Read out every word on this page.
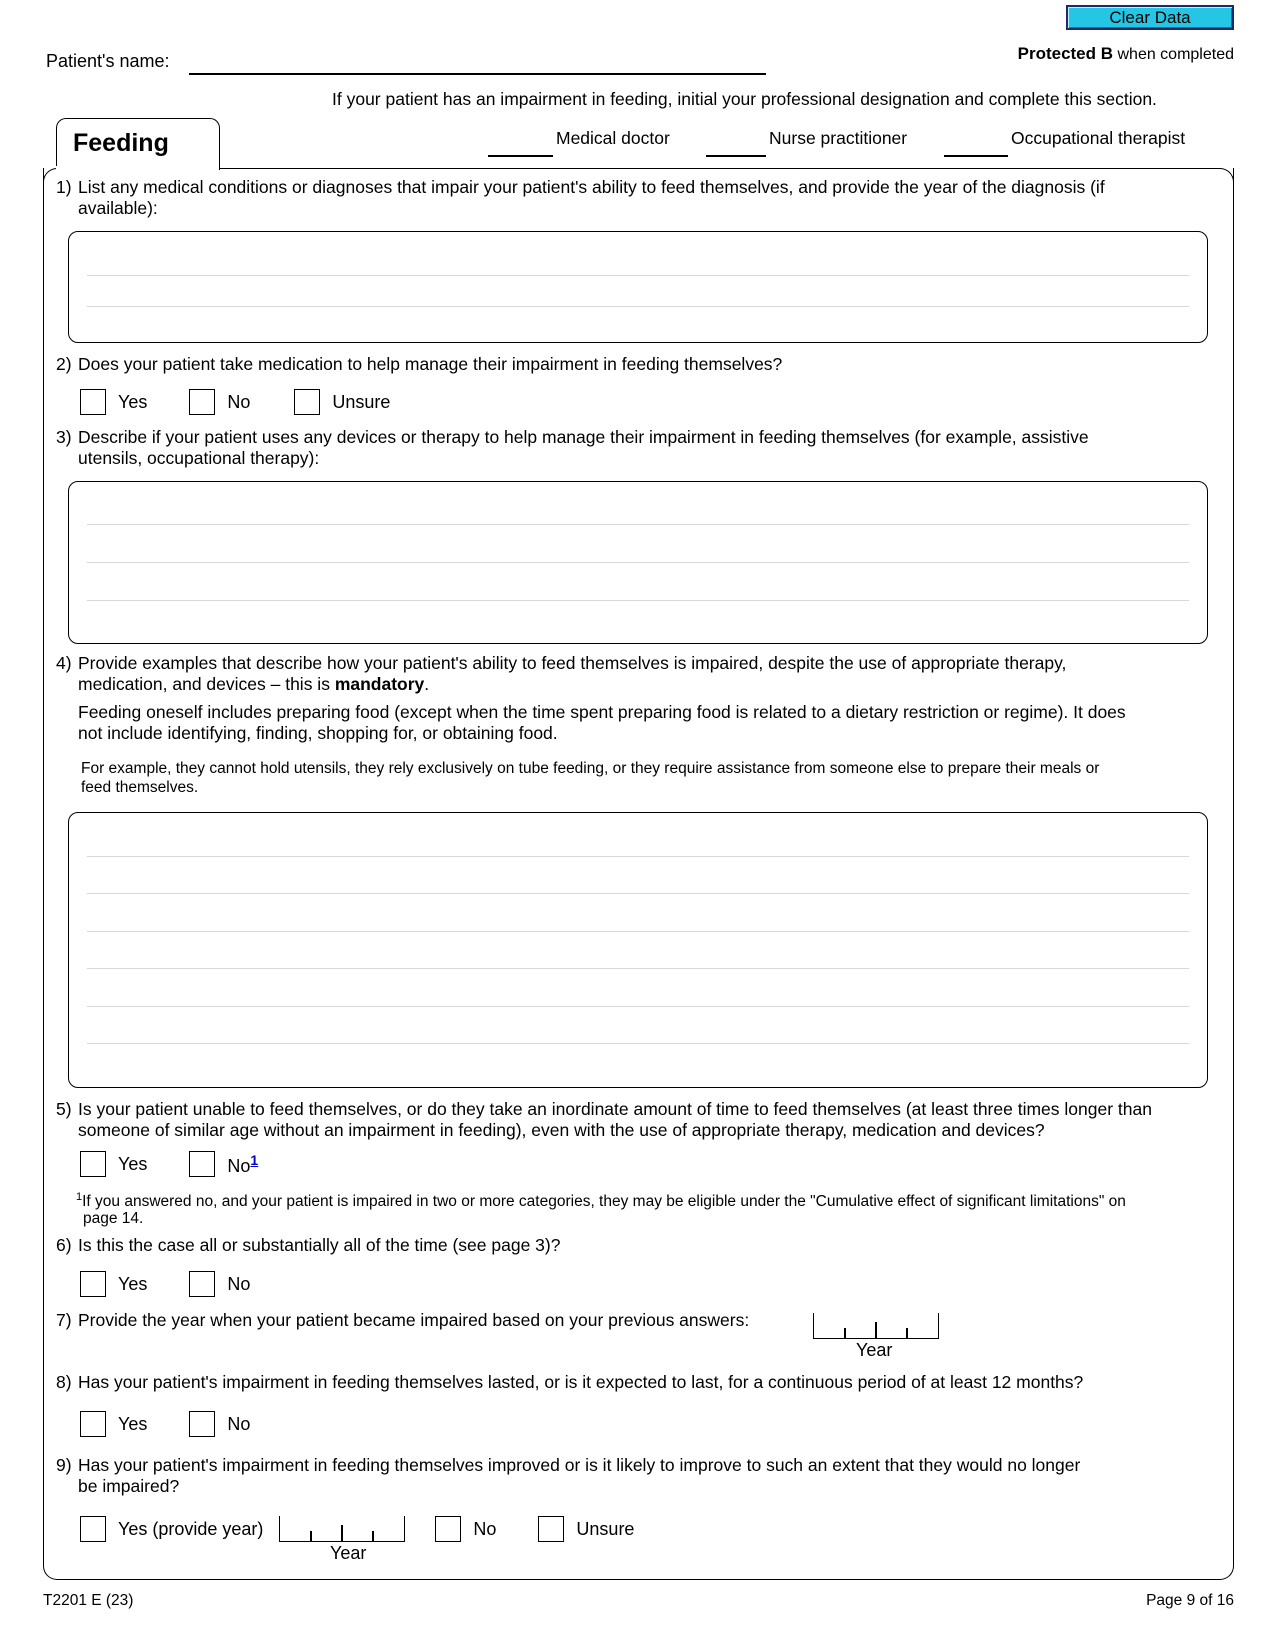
Clear Data
Patient's name:	Protected B when completed
If your patient has an impairment in feeding, initial your professional designation and complete this section.
Feeding	Medical doctor	Nurse practitioner	Occupational therapist
1) List any medical conditions or diagnoses that impair your patient's ability to feed themselves, and provide the year of the diagnosis (if
available):
2) Does your patient take medication to help manage their impairment in feeding themselves?
Yes	No	Unsure
3) Describe if your patient uses any devices or therapy to help manage their impairment in feeding themselves (for example, assistive
utensils, occupational therapy):
4) Provide examples that describe how your patient's ability to feed themselves is impaired, despite the use of appropriate therapy,
medication, and devices – this is mandatory.
Feeding oneself includes preparing food (except when the time spent preparing food is related to a dietary restriction or regime). It does
not include identifying, finding, shopping for, or obtaining food.
For example, they cannot hold utensils, they rely exclusively on tube feeding, or they require assistance from someone else to prepare their meals or
feed themselves.
5) Is your patient unable to feed themselves, or do they take an inordinate amount of time to feed themselves (at least three times longer than
someone of similar age without an impairment in feeding), even with the use of appropriate therapy, medication and devices?
Yes	No$^1$
$^1$If you answered no, and your patient is impaired in two or more categories, they may be eligible under the "Cumulative effect of significant limitations" on
page 14.
6) Is this the case all or substantially all of the time (see page 3)?
Yes	No
7) Provide the year when your patient became impaired based on your previous answers:
Year
8) Has your patient's impairment in feeding themselves lasted, or is it expected to last, for a continuous period of at least 12 months?
Yes	No
9) Has your patient's impairment in feeding themselves improved or is it likely to improve to such an extent that they would no longer
be impaired?
Yes (provide year)	No	Unsure
Year
T2201 E (23)	Page 9 of 16
